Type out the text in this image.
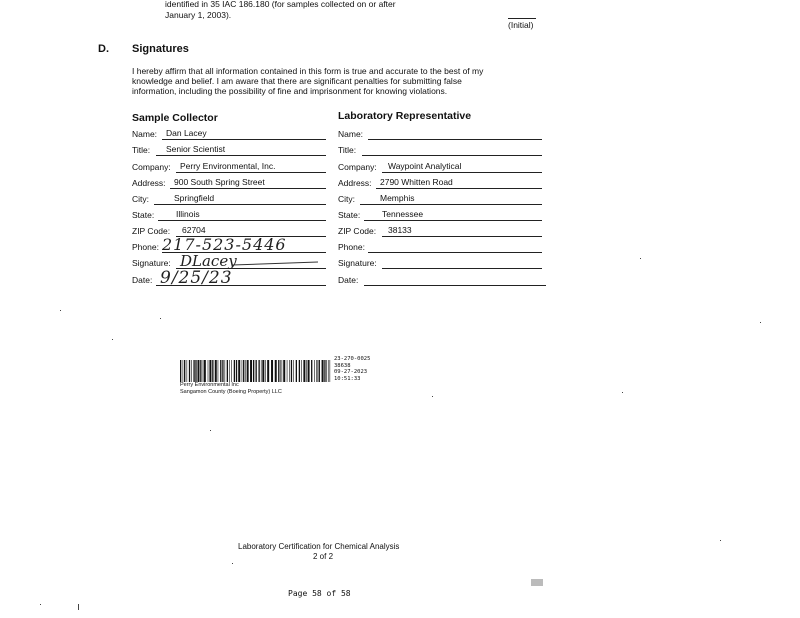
identified in 35 IAC 186.180 (for samples collected on or after
January 1, 2003).
(Initial)
D. Signatures
I hereby affirm that all information contained in this form is true and accurate to the best of my
knowledge and belief. I am aware that there are significant penalties for submitting false
information, including the possibility of fine and imprisonment for knowing violations.
Sample Collector
Name: Dan Lacey
Title: Senior Scientist
Company: Perry Environmental, Inc.
Address: 900 South Spring Street
City:	Springfield
State:	Illinois
ZIP Code: 62704
Phone: 217-523-5446
Signature: DLacey
Date: 9/25/23
Laboratory Representative
Name:
Title:
Company: Waypoint Analytical
Address: 2790 Whitten Road
City:	Memphis
State:	Tennessee
ZIP Code: 38133
Phone:
Signature:
Date:
23-270-0025
38638
09-27-2023
10:51:33
Perry Environmental Inc
Sangamon County (Boeing Property) LLC
Laboratory Certification for Chemical Analysis
2 of 2
Page 58 of 58
